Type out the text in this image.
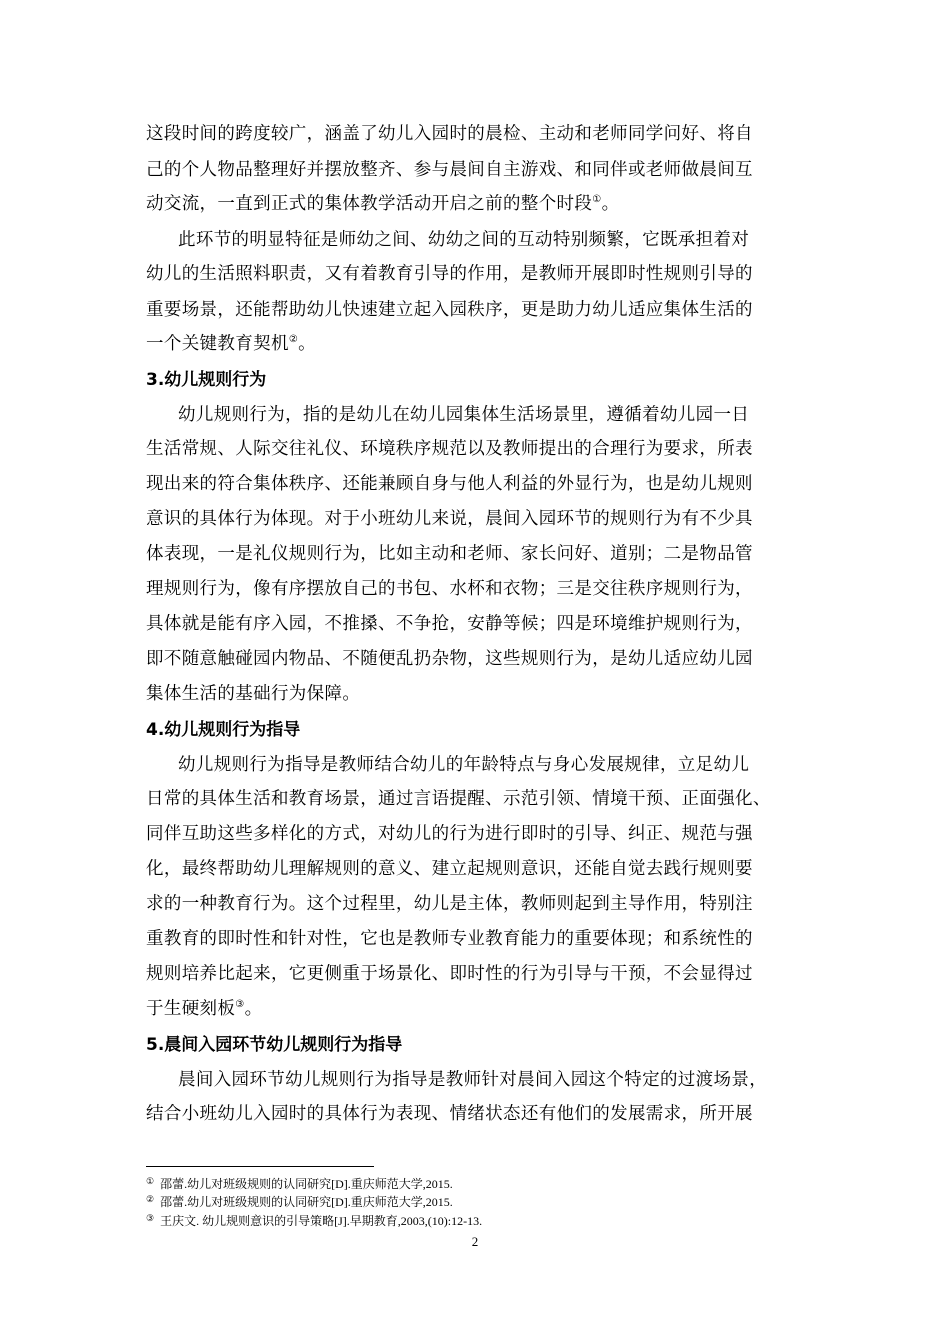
这段时间的跨度较广，涵盖了幼儿入园时的晨检、主动和老师同学问好、将自
己的个人物品整理好并摆放整齐、参与晨间自主游戏、和同伴或老师做晨间互
动交流，一直到正式的集体教学活动开启之前的整个时段①。
此环节的明显特征是师幼之间、幼幼之间的互动特别频繁，它既承担着对
幼儿的生活照料职责，又有着教育引导的作用，是教师开展即时性规则引导的
重要场景，还能帮助幼儿快速建立起入园秩序，更是助力幼儿适应集体生活的
一个关键教育契机②。
3.幼儿规则行为
幼儿规则行为，指的是幼儿在幼儿园集体生活场景里，遵循着幼儿园一日
生活常规、人际交往礼仪、环境秩序规范以及教师提出的合理行为要求，所表
现出来的符合集体秩序、还能兼顾自身与他人利益的外显行为，也是幼儿规则
意识的具体行为体现。对于小班幼儿来说，晨间入园环节的规则行为有不少具
体表现，一是礼仪规则行为，比如主动和老师、家长问好、道别；二是物品管
理规则行为，像有序摆放自己的书包、水杯和衣物；三是交往秩序规则行为，
具体就是能有序入园，不推搡、不争抢，安静等候；四是环境维护规则行为，
即不随意触碰园内物品、不随便乱扔杂物，这些规则行为，是幼儿适应幼儿园
集体生活的基础行为保障。
4.幼儿规则行为指导
幼儿规则行为指导是教师结合幼儿的年龄特点与身心发展规律，立足幼儿
日常的具体生活和教育场景，通过言语提醒、示范引领、情境干预、正面强化、
同伴互助这些多样化的方式，对幼儿的行为进行即时的引导、纠正、规范与强
化，最终帮助幼儿理解规则的意义、建立起规则意识，还能自觉去践行规则要
求的一种教育行为。这个过程里，幼儿是主体，教师则起到主导作用，特别注
重教育的即时性和针对性，它也是教师专业教育能力的重要体现；和系统性的
规则培养比起来，它更侧重于场景化、即时性的行为引导与干预，不会显得过
于生硬刻板③。
5.晨间入园环节幼儿规则行为指导
晨间入园环节幼儿规则行为指导是教师针对晨间入园这个特定的过渡场景，
结合小班幼儿入园时的具体行为表现、情绪状态还有他们的发展需求，所开展
① 邵蕾.幼儿对班级规则的认同研究[D].重庆师范大学,2015.
② 邵蕾.幼儿对班级规则的认同研究[D].重庆师范大学,2015.
③ 王庆文. 幼儿规则意识的引导策略[J].早期教育,2003,(10):12-13.
2
